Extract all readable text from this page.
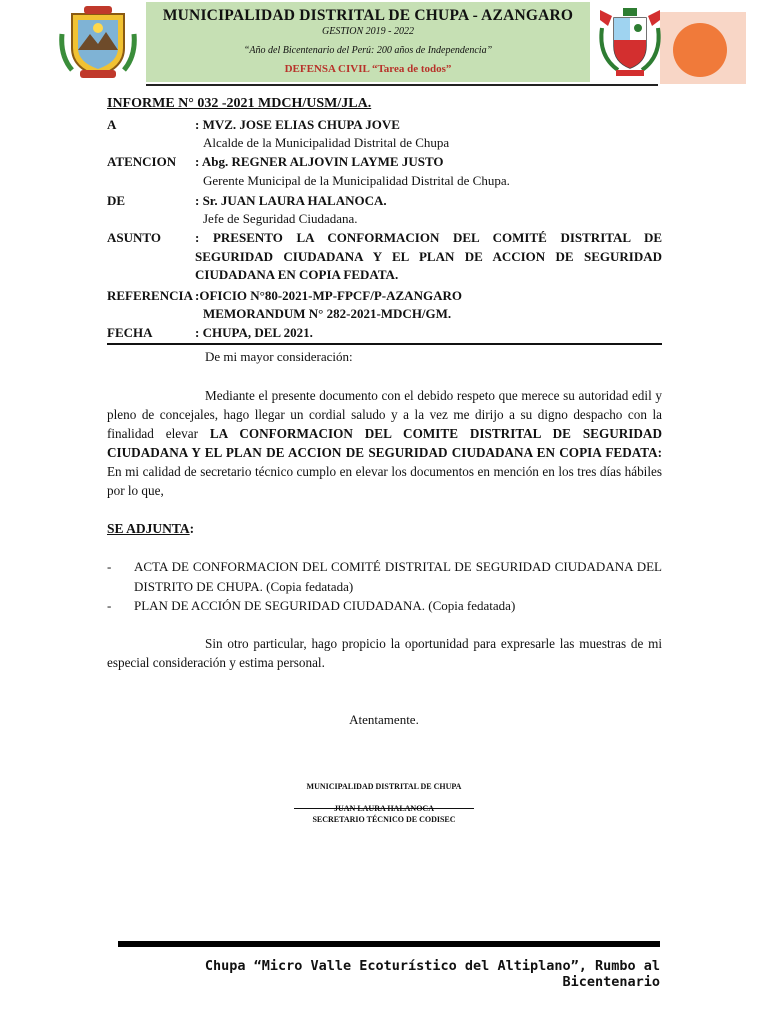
MUNICIPALIDAD DISTRITAL DE CHUPA - AZANGARO
GESTION 2019 - 2022
“Año del Bicentenario del Perú: 200 años de Independencia”
DEFENSA CIVIL “Tarea de todos”
INFORME N° 032 -2021 MDCH/USM/JLA.
A	: MVZ. JOSE ELIAS CHUPA JOVE
Alcalde de la Municipalidad Distrital de Chupa
ATENCION : Abg. REGNER ALJOVIN LAYME JUSTO
Gerente Municipal de la Municipalidad Distrital de Chupa.
DE	: Sr. JUAN LAURA HALANOCA.
Jefe de Seguridad Ciudadana.
ASUNTO	: PRESENTO LA CONFORMACION DEL COMITÉ DISTRITAL DE SEGURIDAD CIUDADANA Y EL PLAN DE ACCION DE SEGURIDAD CIUDADANA EN COPIA FEDATA.
REFERENCIA :OFICIO N°80-2021-MP-FPCF/P-AZANGARO
MEMORANDUM N° 282-2021-MDCH/GM.
FECHA	: CHUPA, DEL 2021.
De mi mayor consideración:
Mediante el presente documento con el debido respeto que merece su autoridad edil y pleno de concejales, hago llegar un cordial saludo y a la vez me dirijo a su digno despacho con la finalidad elevar LA CONFORMACION DEL COMITE DISTRITAL DE SEGURIDAD CIUDADANA Y EL PLAN DE ACCION DE SEGURIDAD CIUDADANA EN COPIA FEDATA: En mi calidad de secretario técnico cumplo en elevar los documentos en mención en los tres días hábiles por lo que,
SE ADJUNTA:
- ACTA DE CONFORMACION DEL COMITÉ DISTRITAL DE SEGURIDAD CIUDADANA DEL DISTRITO DE CHUPA. (Copia fedatada)
- PLAN DE ACCIÓN DE SEGURIDAD CIUDADANA. (Copia fedatada)
Sin otro particular, hago propicio la oportunidad para expresarle las muestras de mi especial consideración y estima personal.
Atentamente.
MUNICIPALIDAD DISTRITAL DE CHUPA
JUAN LAURA HALANOCA
SECRETARIO TÉCNICO DE CODISEC
Chupa “Micro Valle Ecoturístico del Altiplano”, Rumbo al Bicentenario
